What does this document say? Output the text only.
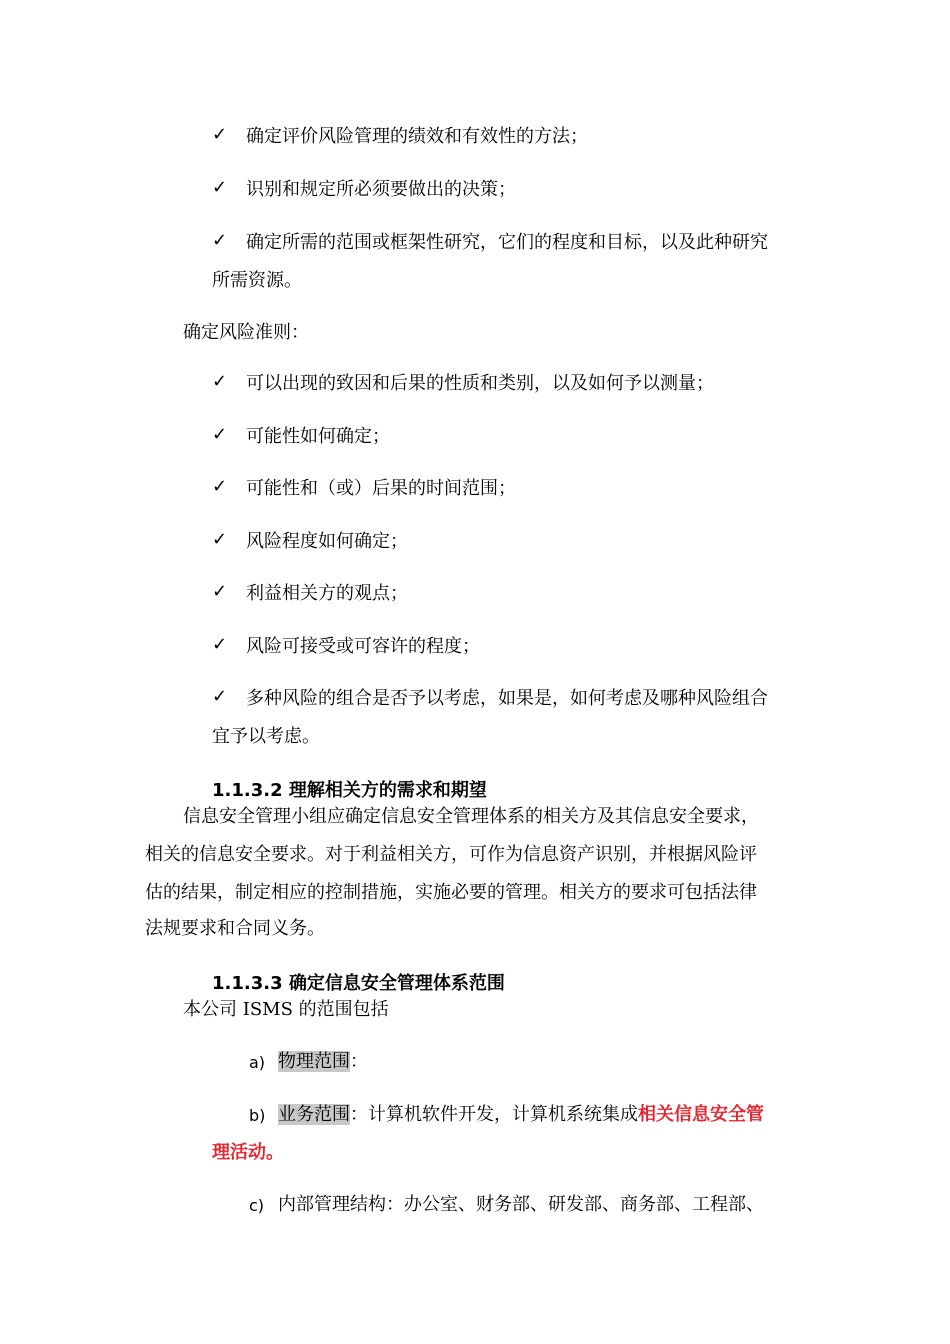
✓ 确定评价风险管理的绩效和有效性的方法；
✓ 识别和规定所必须要做出的决策；
✓ 确定所需的范围或框架性研究，它们的程度和目标，以及此种研究
所需资源。
确定风险准则：
✓ 可以出现的致因和后果的性质和类别，以及如何予以测量；
✓ 可能性如何确定；
✓ 可能性和（或）后果的时间范围；
✓ 风险程度如何确定；
✓ 利益相关方的观点；
✓ 风险可接受或可容许的程度；
✓ 多种风险的组合是否予以考虑，如果是，如何考虑及哪种风险组合
宜予以考虑。
1.1.3.2 理解相关方的需求和期望
信息安全管理小组应确定信息安全管理体系的相关方及其信息安全要求，
相关的信息安全要求。对于利益相关方，可作为信息资产识别，并根据风险评
估的结果，制定相应的控制措施，实施必要的管理。相关方的要求可包括法律
法规要求和合同义务。
1.1.3.3 确定信息安全管理体系范围
本公司 ISMS 的范围包括
a) 物理范围：
b) 业务范围：计算机软件开发，计算机系统集成相关信息安全管
理活动。
c) 内部管理结构：办公室、财务部、研发部、商务部、工程部、
